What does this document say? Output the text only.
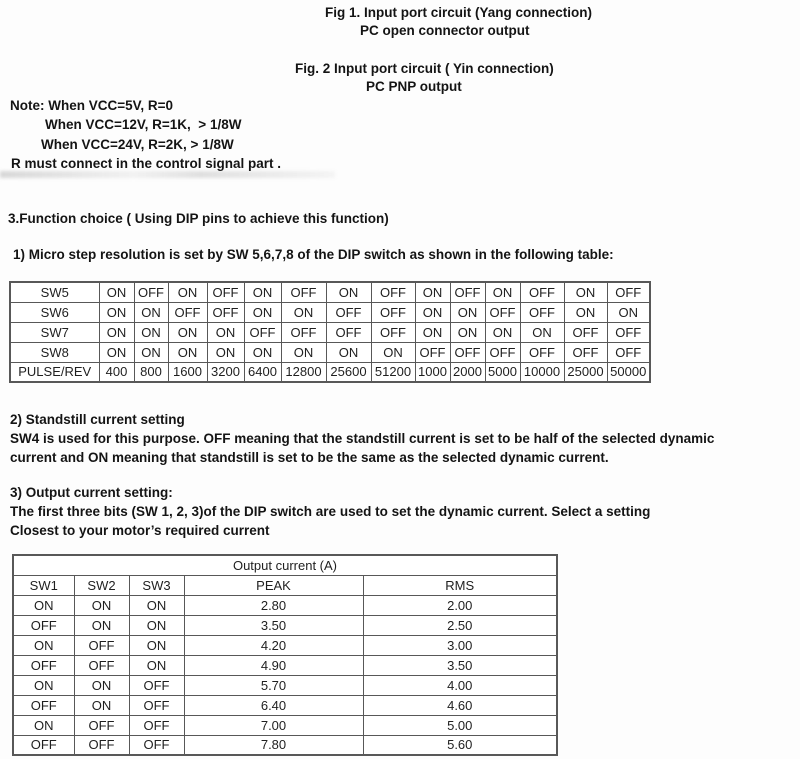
Fig 1. Input port circuit (Yang connection)
PC open connector output
Fig. 2 Input port circuit ( Yin connection)
PC PNP output
Note: When VCC=5V, R=0
When VCC=12V, R=1K,  > 1/8W
When VCC=24V, R=2K, > 1/8W
R must connect in the control signal part .
3.Function choice ( Using DIP pins to achieve this function)
1) Micro step resolution is set by SW 5,6,7,8 of the DIP switch as shown in the following table:
SW5	ON	OFF	ON	OFF	ON	OFF	ON	OFF	ON	OFF	ON	OFF	ON	OFF
SW6	ON	ON	OFF	OFF	ON	ON	OFF	OFF	ON	ON	OFF	OFF	ON	ON
SW7	ON	ON	ON	ON	OFF	OFF	OFF	OFF	ON	ON	ON	ON	OFF	OFF
SW8	ON	ON	ON	ON	ON	ON	ON	ON	OFF	OFF	OFF	OFF	OFF	OFF
PULSE/REV	400	800	1600	3200	6400	12800	25600	51200	1000	2000	5000	10000	25000	50000
2) Standstill current setting
SW4 is used for this purpose. OFF meaning that the standstill current is set to be half of the selected dynamic
current and ON meaning that standstill is set to be the same as the selected dynamic current.
3) Output current setting:
The first three bits (SW 1, 2, 3)of the DIP switch are used to set the dynamic current. Select a setting
Closest to your motor’s required current
Output current (A)				
SW1	SW2	SW3	PEAK	RMS
ON	ON	ON	2.80	2.00
OFF	ON	ON	3.50	2.50
ON	OFF	ON	4.20	3.00
OFF	OFF	ON	4.90	3.50
ON	ON	OFF	5.70	4.00
OFF	ON	OFF	6.40	4.60
ON	OFF	OFF	7.00	5.00
OFF	OFF	OFF	7.80	5.60
